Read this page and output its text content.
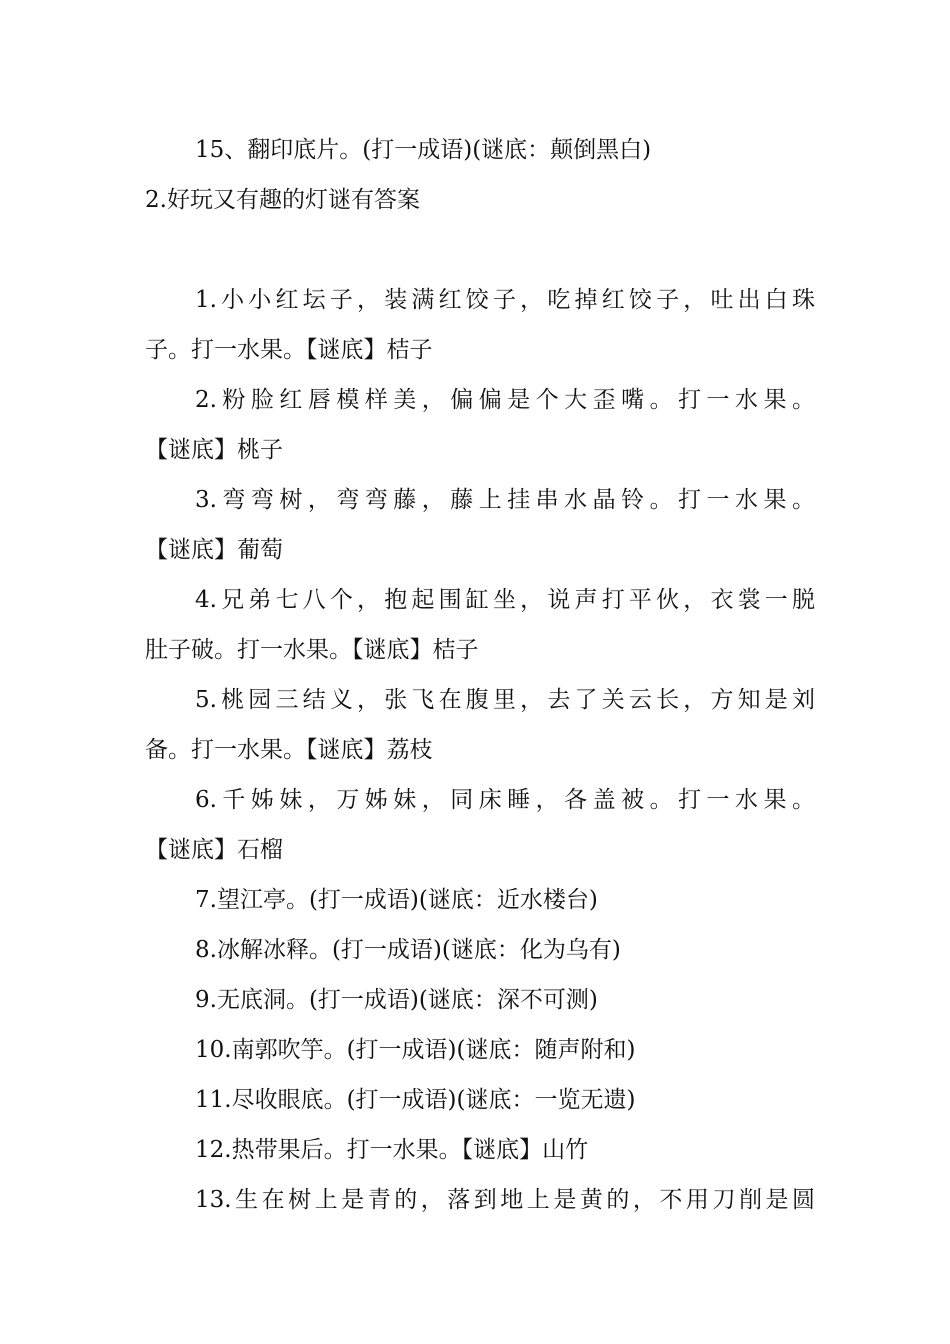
15、翻印底片。(打一成语)(谜底：颠倒黑白)
2.好玩又有趣的灯谜有答案
1.小小红坛子，装满红饺子，吃掉红饺子，吐出白珠
子。打一水果。【谜底】桔子
2.粉脸红唇模样美，偏偏是个大歪嘴。打一水果。
【谜底】桃子
3.弯弯树，弯弯藤，藤上挂串水晶铃。打一水果。
【谜底】葡萄
4.兄弟七八个，抱起围缸坐，说声打平伙，衣裳一脱
肚子破。打一水果。【谜底】桔子
5.桃园三结义，张飞在腹里，去了关云长，方知是刘
备。打一水果。【谜底】荔枝
6.千姊妹，万姊妹，同床睡，各盖被。打一水果。
【谜底】石榴
7.望江亭。(打一成语)(谜底：近水楼台)
8.冰解冰释。(打一成语)(谜底：化为乌有)
9.无底洞。(打一成语)(谜底：深不可测)
10.南郭吹竽。(打一成语)(谜底：随声附和)
11.尽收眼底。(打一成语)(谜底：一览无遗)
12.热带果后。打一水果。【谜底】山竹
13.生在树上是青的，落到地上是黄的，不用刀削是圆
